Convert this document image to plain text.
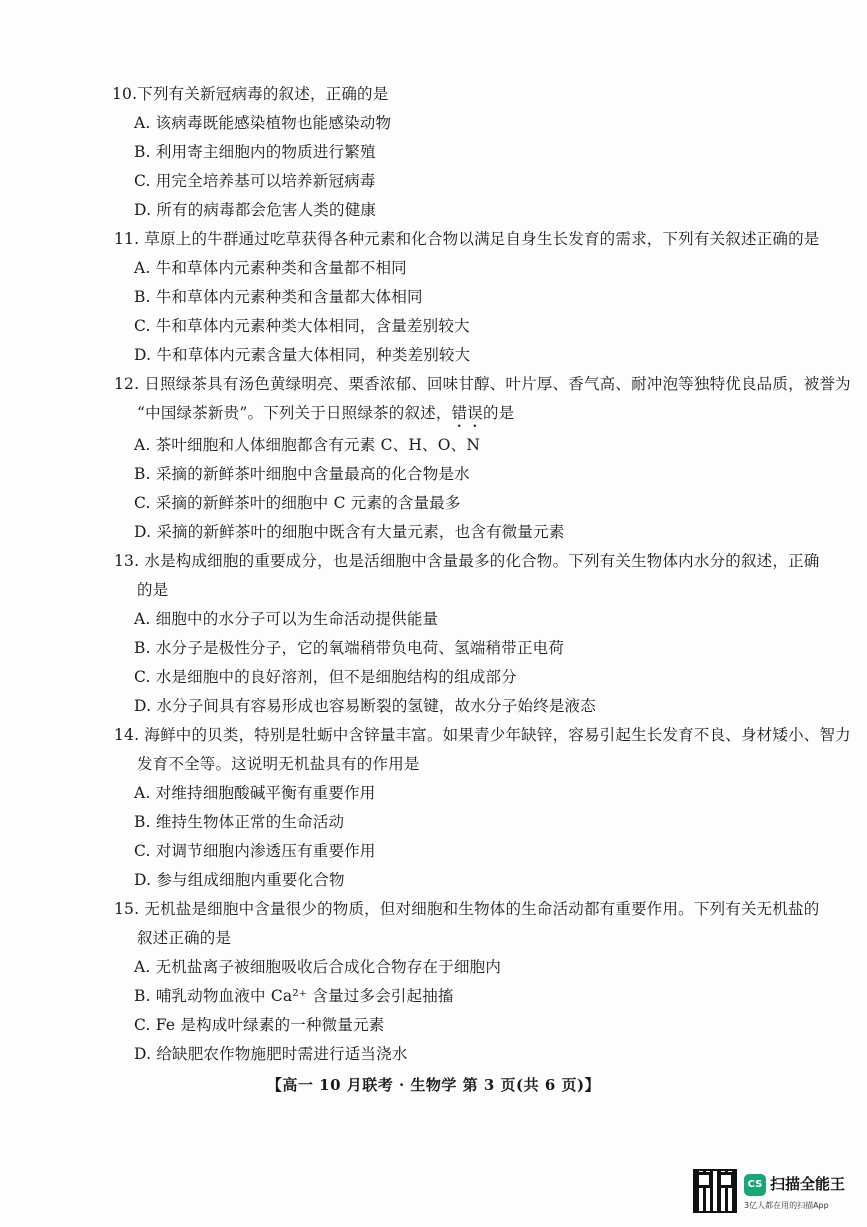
10.下列有关新冠病毒的叙述，正确的是
A. 该病毒既能感染植物也能感染动物
B. 利用寄主细胞内的物质进行繁殖
C. 用完全培养基可以培养新冠病毒
D. 所有的病毒都会危害人类的健康
11. 草原上的牛群通过吃草获得各种元素和化合物以满足自身生长发育的需求，下列有关叙述正确的是
A. 牛和草体内元素种类和含量都不相同
B. 牛和草体内元素种类和含量都大体相同
C. 牛和草体内元素种类大体相同，含量差别较大
D. 牛和草体内元素含量大体相同，种类差别较大
12. 日照绿茶具有汤色黄绿明亮、栗香浓郁、回味甘醇、叶片厚、香气高、耐冲泡等独特优良品质，被誉为
“中国绿茶新贵”。下列关于日照绿茶的叙述，错误的是
A. 茶叶细胞和人体细胞都含有元素 C、H、O、N
B. 采摘的新鲜茶叶细胞中含量最高的化合物是水
C. 采摘的新鲜茶叶的细胞中 C 元素的含量最多
D. 采摘的新鲜茶叶的细胞中既含有大量元素，也含有微量元素
13. 水是构成细胞的重要成分，也是活细胞中含量最多的化合物。下列有关生物体内水分的叙述，正确
的是
A. 细胞中的水分子可以为生命活动提供能量
B. 水分子是极性分子，它的氧端稍带负电荷、氢端稍带正电荷
C. 水是细胞中的良好溶剂，但不是细胞结构的组成部分
D. 水分子间具有容易形成也容易断裂的氢键，故水分子始终是液态
14. 海鲜中的贝类，特别是牡蛎中含锌量丰富。如果青少年缺锌，容易引起生长发育不良、身材矮小、智力
发育不全等。这说明无机盐具有的作用是
A. 对维持细胞酸碱平衡有重要作用
B. 维持生物体正常的生命活动
C. 对调节细胞内渗透压有重要作用
D. 参与组成细胞内重要化合物
15. 无机盐是细胞中含量很少的物质，但对细胞和生物体的生命活动都有重要作用。下列有关无机盐的
叙述正确的是
A. 无机盐离子被细胞吸收后合成化合物存在于细胞内
B. 哺乳动物血液中 Ca²⁺ 含量过多会引起抽搐
C. Fe 是构成叶绿素的一种微量元素
D. 给缺肥农作物施肥时需进行适当浇水
【高一 10 月联考 · 生物学 第 3 页(共 6 页)】
CS 扫描全能王
3亿人都在用的扫描App
